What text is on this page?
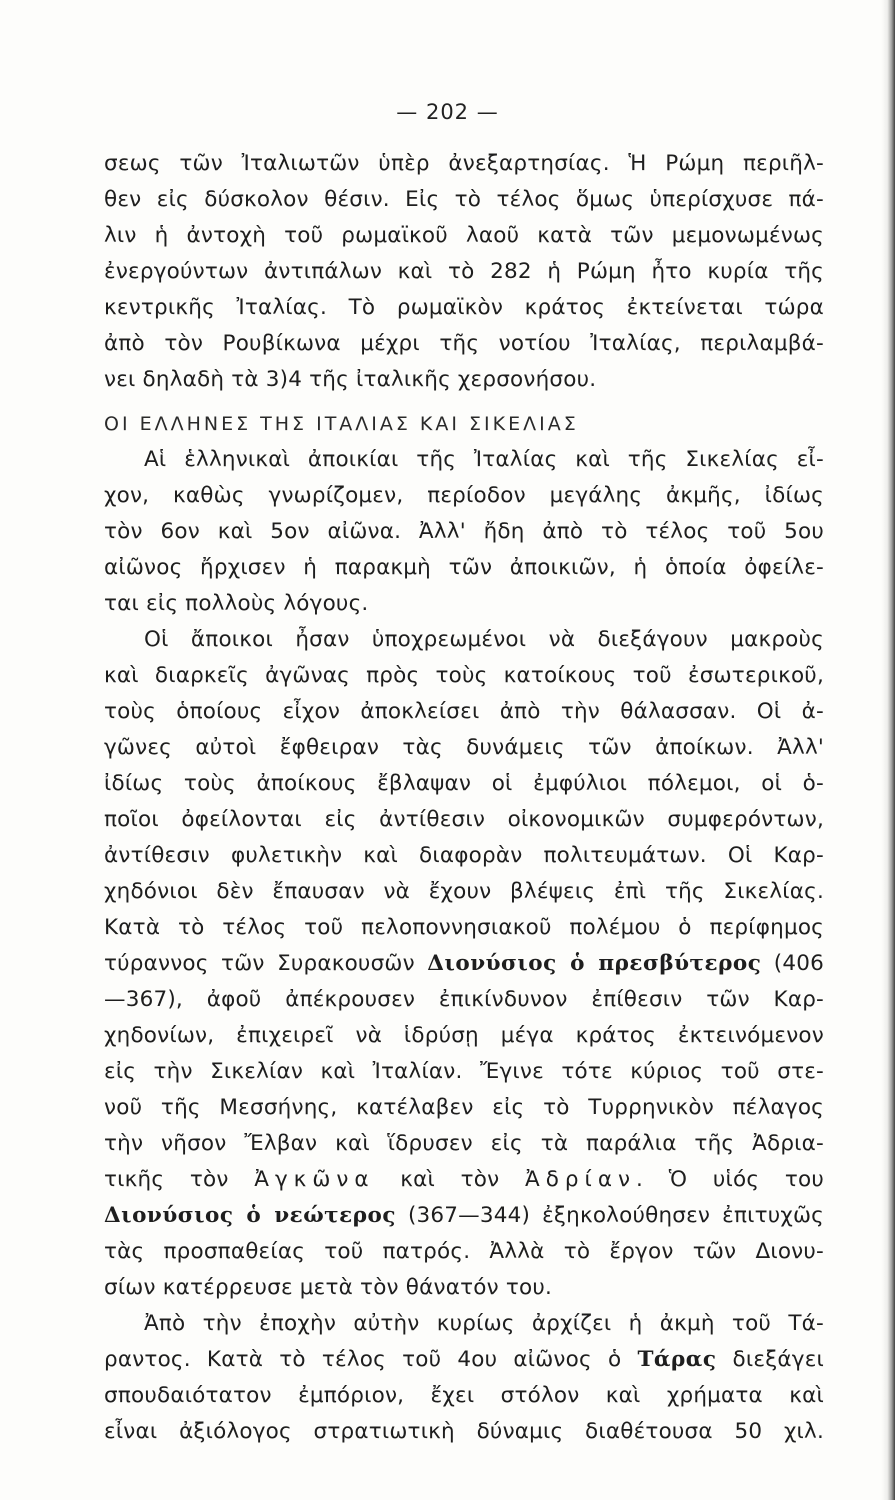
— 202 —
σεως τῶν Ἰταλιωτῶν ὑπὲρ ἀνεξαρτησίας. Ἡ Ρώμη περιῆλ-
θεν εἰς δύσκολον θέσιν. Εἰς τὸ τέλος ὅμως ὑπερίσχυσε πά-
λιν ἡ ἀντοχὴ τοῦ ρωμαϊκοῦ λαοῦ κατὰ τῶν μεμονωμένως
ἐνεργούντων ἀντιπάλων καὶ τὸ 282 ἡ Ρώμη ἦτο κυρία τῆς
κεντρικῆς Ἰταλίας. Τὸ ρωμαϊκὸν κράτος ἐκτείνεται τώρα
ἀπὸ τὸν Ρουβίκωνα μέχρι τῆς νοτίου Ἰταλίας, περιλαμβά-
νει δηλαδὴ τὰ 3)4 τῆς ἰταλικῆς χερσονήσου.
ΟΙ ΕΛΛΗΝΕΣ ΤΗΣ ΙΤΑΛΙΑΣ ΚΑΙ ΣΙΚΕΛΙΑΣ
Αἱ ἑλληνικαὶ ἀποικίαι τῆς Ἰταλίας καὶ τῆς Σικελίας εἶ-
χον, καθὼς γνωρίζομεν, περίοδον μεγάλης ἀκμῆς, ἰδίως
τὸν 6ον καὶ 5ον αἰῶνα. Ἀλλ' ἤδη ἀπὸ τὸ τέλος τοῦ 5ου
αἰῶνος ἤρχισεν ἡ παρακμὴ τῶν ἀποικιῶν, ἡ ὁποία ὀφείλε-
ται εἰς πολλοὺς λόγους.
Οἱ ἄποικοι ἦσαν ὑποχρεωμένοι νὰ διεξάγουν μακροὺς
καὶ διαρκεῖς ἀγῶνας πρὸς τοὺς κατοίκους τοῦ ἐσωτερικοῦ,
τοὺς ὁποίους εἶχον ἀποκλείσει ἀπὸ τὴν θάλασσαν. Οἱ ἀ-
γῶνες αὐτοὶ ἔφθειραν τὰς δυνάμεις τῶν ἀποίκων. Ἀλλ'
ἰδίως τοὺς ἀποίκους ἔβλαψαν οἱ ἐμφύλιοι πόλεμοι, οἱ ὁ-
ποῖοι ὀφείλονται εἰς ἀντίθεσιν οἰκονομικῶν συμφερόντων,
ἀντίθεσιν φυλετικὴν καὶ διαφορὰν πολιτευμάτων. Οἱ Καρ-
χηδόνιοι δὲν ἔπαυσαν νὰ ἔχουν βλέψεις ἐπὶ τῆς Σικελίας.
Κατὰ τὸ τέλος τοῦ πελοποννησιακοῦ πολέμου ὁ περίφημος
τύραννος τῶν Συρακουσῶν Διονύσιος ὁ πρεσβύτερος (406
—367), ἀφοῦ ἀπέκρουσεν ἐπικίνδυνον ἐπίθεσιν τῶν Καρ-
χηδονίων, ἐπιχειρεῖ νὰ ἱδρύσῃ μέγα κράτος ἐκτεινόμενον
εἰς τὴν Σικελίαν καὶ Ἰταλίαν. Ἔγινε τότε κύριος τοῦ στε-
νοῦ τῆς Μεσσήνης, κατέλαβεν εἰς τὸ Τυρρηνικὸν πέλαγος
τὴν νῆσον Ἔλβαν καὶ ἵδρυσεν εἰς τὰ παράλια τῆς Ἀδρια-
τικῆς τὸν Ἀγκῶνα καὶ τὸν Ἀδρίαν. Ὁ υἱός του
Διονύσιος ὁ νεώτερος (367—344) ἐξηκολούθησεν ἐπιτυχῶς
τὰς προσπαθείας τοῦ πατρός. Ἀλλὰ τὸ ἔργον τῶν Διονυ-
σίων κατέρρευσε μετὰ τὸν θάνατόν του.
Ἀπὸ τὴν ἐποχὴν αὐτὴν κυρίως ἀρχίζει ἡ ἀκμὴ τοῦ Τά-
ραντος. Κατὰ τὸ τέλος τοῦ 4ου αἰῶνος ὁ Τάρας διεξάγει
σπουδαιότατον ἐμπόριον, ἔχει στόλον καὶ χρήματα καὶ
εἶναι ἀξιόλογος στρατιωτικὴ δύναμις διαθέτουσα 50 χιλ.
